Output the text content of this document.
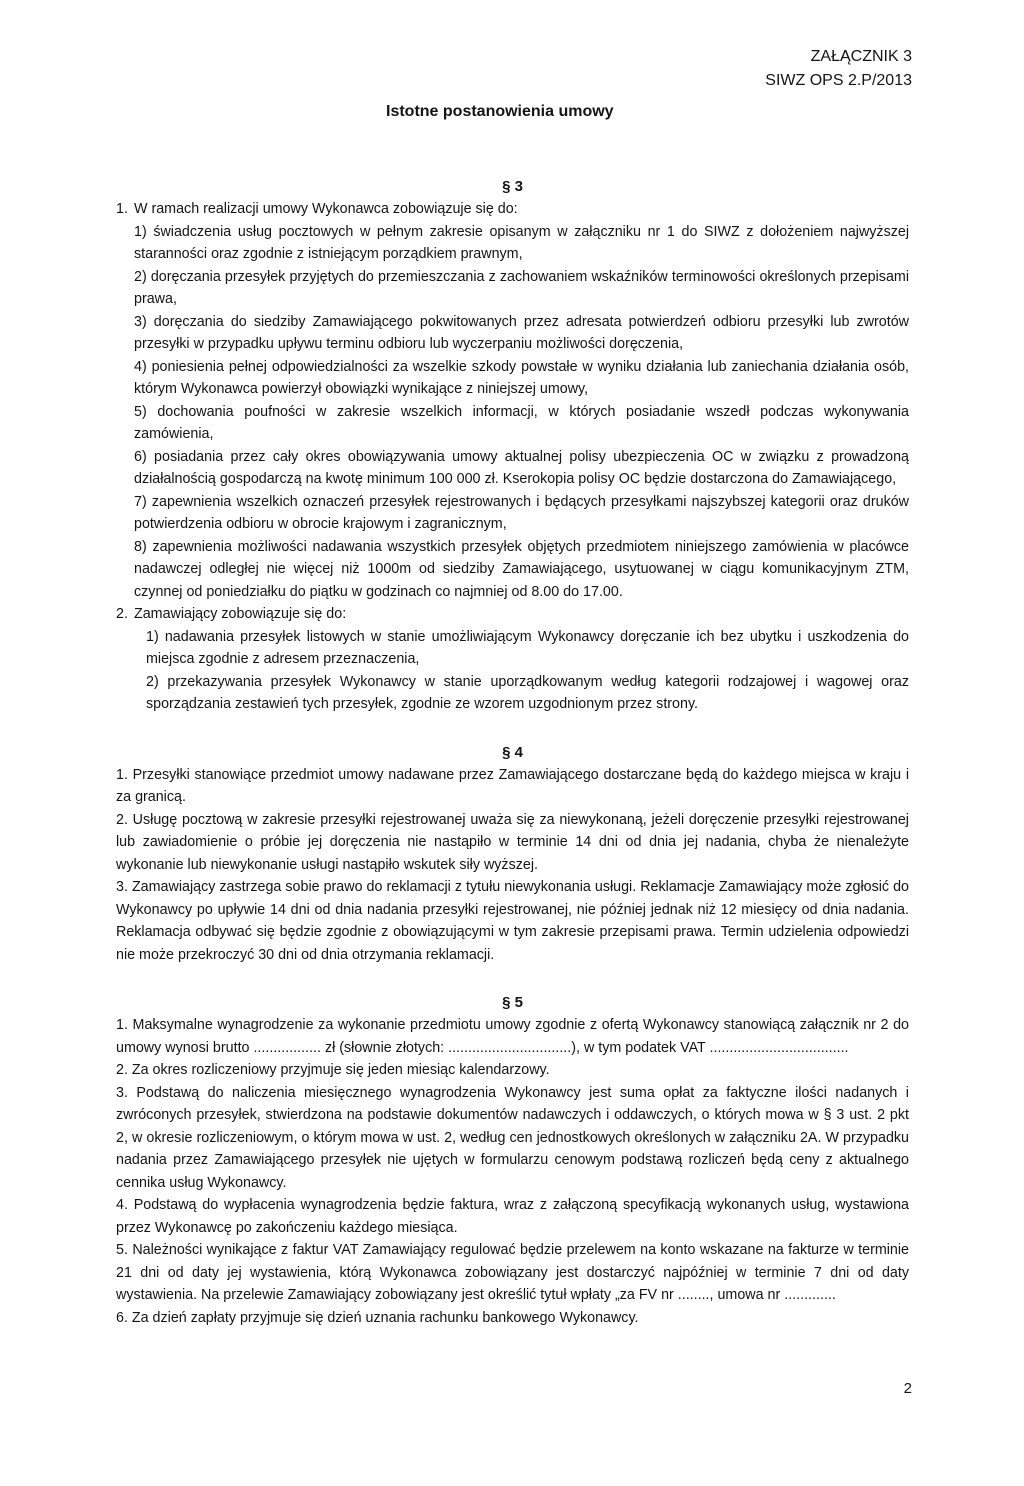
ZAŁĄCZNIK 3
SIWZ OPS 2.P/2013
Istotne postanowienia umowy
§ 3
1. W ramach realizacji umowy Wykonawca zobowiązuje się do:
1) świadczenia usług pocztowych w pełnym zakresie opisanym w załączniku nr 1 do SIWZ z dołożeniem najwyższej staranności oraz zgodnie z istniejącym porządkiem prawnym,
2) doręczania przesyłek przyjętych do przemieszczania z zachowaniem wskaźników terminowości określonych przepisami prawa,
3) doręczania do siedziby Zamawiającego pokwitowanych przez adresata potwierdzeń odbioru przesyłki lub zwrotów przesyłki w przypadku upływu terminu odbioru lub wyczerpaniu możliwości doręczenia,
4) poniesienia pełnej odpowiedzialności za wszelkie szkody powstałe w wyniku działania lub zaniechania działania osób, którym Wykonawca powierzył obowiązki wynikające z niniejszej umowy,
5) dochowania poufności w zakresie wszelkich informacji, w których posiadanie wszedł podczas wykonywania zamówienia,
6) posiadania przez cały okres obowiązywania umowy aktualnej polisy ubezpieczenia OC w związku z prowadzoną działalnością gospodarczą na kwotę minimum 100 000 zł. Kserokopia polisy OC będzie dostarczona do Zamawiającego,
7) zapewnienia wszelkich oznaczeń przesyłek rejestrowanych i będących przesyłkami najszybszej kategorii oraz druków potwierdzenia odbioru w obrocie krajowym i zagranicznym,
8) zapewnienia możliwości nadawania wszystkich przesyłek objętych przedmiotem niniejszego zamówienia w placówce nadawczej odległej nie więcej niż 1000m od siedziby Zamawiającego, usytuowanej w ciągu komunikacyjnym ZTM, czynnej od poniedziałku do piątku w godzinach co najmniej od 8.00 do 17.00.
2. Zamawiający zobowiązuje się do:
1) nadawania przesyłek listowych w stanie umożliwiającym Wykonawcy doręczanie ich bez ubytku i uszkodzenia do miejsca zgodnie z adresem przeznaczenia,
2) przekazywania przesyłek Wykonawcy w stanie uporządkowanym według kategorii rodzajowej i wagowej oraz sporządzania zestawień tych przesyłek, zgodnie ze wzorem uzgodnionym przez strony.
§ 4
1. Przesyłki stanowiące przedmiot umowy nadawane przez Zamawiającego dostarczane będą do każdego miejsca w kraju i za granicą.
2. Usługę pocztową w zakresie przesyłki rejestrowanej uważa się za niewykonaną, jeżeli doręczenie przesyłki rejestrowanej lub zawiadomienie o próbie jej doręczenia nie nastąpiło w terminie 14 dni od dnia jej nadania, chyba że nienależyte wykonanie lub niewykonanie usługi nastąpiło wskutek siły wyższej.
3. Zamawiający zastrzega sobie prawo do reklamacji z tytułu niewykonania usługi. Reklamacje Zamawiający może zgłosić do Wykonawcy po upływie 14 dni od dnia nadania przesyłki rejestrowanej, nie później jednak niż 12 miesięcy od dnia nadania. Reklamacja odbywać się będzie zgodnie z obowiązującymi w tym zakresie przepisami prawa. Termin udzielenia odpowiedzi nie może przekroczyć 30 dni od dnia otrzymania reklamacji.
§ 5
1. Maksymalne wynagrodzenie za wykonanie przedmiotu umowy zgodnie z ofertą Wykonawcy stanowiącą załącznik nr 2 do umowy wynosi brutto ................. zł (słownie złotych: ...............................), w tym podatek VAT ...................................
2. Za okres rozliczeniowy przyjmuje się jeden miesiąc kalendarzowy.
3. Podstawą do naliczenia miesięcznego wynagrodzenia Wykonawcy jest suma opłat za faktyczne ilości nadanych i zwróconych przesyłek, stwierdzona na podstawie dokumentów nadawczych i oddawczych, o których mowa w § 3 ust. 2 pkt 2, w okresie rozliczeniowym, o którym mowa w ust. 2, według cen jednostkowych określonych w załączniku 2A. W przypadku nadania przez Zamawiającego przesyłek nie ujętych w formularzu cenowym podstawą rozliczeń będą ceny z aktualnego cennika usług Wykonawcy.
4. Podstawą do wypłacenia wynagrodzenia będzie faktura, wraz z załączoną specyfikacją wykonanych usług, wystawiona przez Wykonawcę po zakończeniu każdego miesiąca.
5. Należności wynikające z faktur VAT Zamawiający regulować będzie przelewem na konto wskazane na fakturze w terminie 21 dni od daty jej wystawienia, którą Wykonawca zobowiązany jest dostarczyć najpóźniej w terminie 7 dni od daty wystawienia. Na przelewie Zamawiający zobowiązany jest określić tytuł wpłaty „za FV nr ........, umowa nr .............
6. Za dzień zapłaty przyjmuje się dzień uznania rachunku bankowego Wykonawcy.
2
